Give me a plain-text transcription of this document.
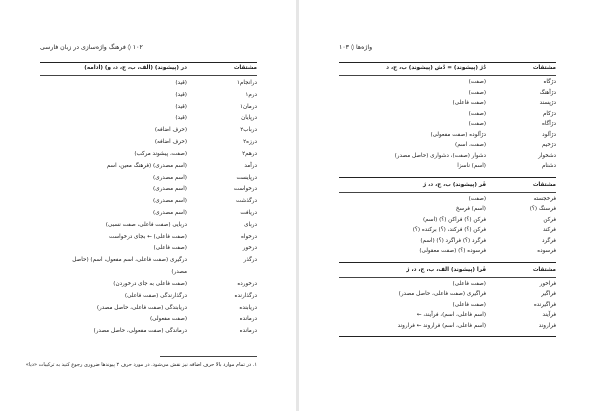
۱۰۲ ◊ فرهنگ واژه‌سازی در زبان فارسی
مشتقات
در (پیشوند) (الف، ب، ج، د، و) (ادامه)
درانجام۱
(قید)
درم۱
(قید)
درمان۱
(قید)
درپایان
(قید)
درباب۲
(حرف اضافه)
درزه۲
(حرف اضافه)
درهم۲
(صفت، پیشوند مرکب)
درآمد
(اسم مصدری) (فرهنگ معین، اسم
درپایست
(اسم مصدری)
درخواست
(اسم مصدری)
درگذشت
(اسم مصدری)
دریافت
(اسم مصدری)
دربای
دربایی (صفت فاعلی، صفت نسبی)
درخواه
(صفت فاعلی) ← بجای درخواست
درخور
(صفت فاعلی)
درگذر
درگیری (صفت فاعلی، اسم مفعول، اسم) (حاصل
مصدر)
درخورده
(صفت فاعلی به جای درخوردن)
درگذارنده
درگذارندگی (صفت فاعلی)
دریابنده
دریابندگی (صفت فاعلی، حاصل مصدر)
درمانده
(صفت مفعولی)
درمانده
درماندگی (صفت مفعولی، حاصل مصدر)
۱. در تمام موارد بالا حرف اضافه نیز نقش می‌شود. در مورد حرف ۲ پیوندها ضروری رجوع کنید به ترکیبات «دیا»
واژه‌ها ◊ ۱۰۳
مشتقات
دُژ (پیشوند) = دُش (پیشوند) ب، ج، د
دژگاه
(صفت)
دژآهنگ
(صفت)
دژپسند
(صفت فاعلی)
دژکام
(صفت)
دژآگاه
(صفت)
دژآلود
دژآلوده (صفت مفعولی)
دژخیم
(صفت، اسم)
دشخوار
دشوار (صفت)، دشواری (حاصل مصدر)
دشنام
(اسم) ناسزا
مشتقات
فَر (پیشوند) ب، ج، د، ژ
فرخجسته
(صفت)
فرسنگ (؟)
(اسم) فرسخ
فرکن
فرکن (؟) فراکن (؟) (اسم)
فرکند
فرکن (؟) فرکند، (؟) برکنده (؟)
فرگرد
فرگرد (؟) فراگرد (؟) (اسم)
فرسوده
فرسوده (؟) (صفت معقولی)
مشتقات
فَرا (پیشوند) الف، ب، ج، د، ژ
فراخور
(صفت فاعلی)
فراگیر
فراگیری (صفت فاعلی، حاصل مصدر)
فراگیرنده
(صفت فاعلی)
فرآیند
(اسم فاعلی، اسم)، فرآیند، ←
فراروند
(اسم فاعلی، اسم) فراروند ← فراروند
